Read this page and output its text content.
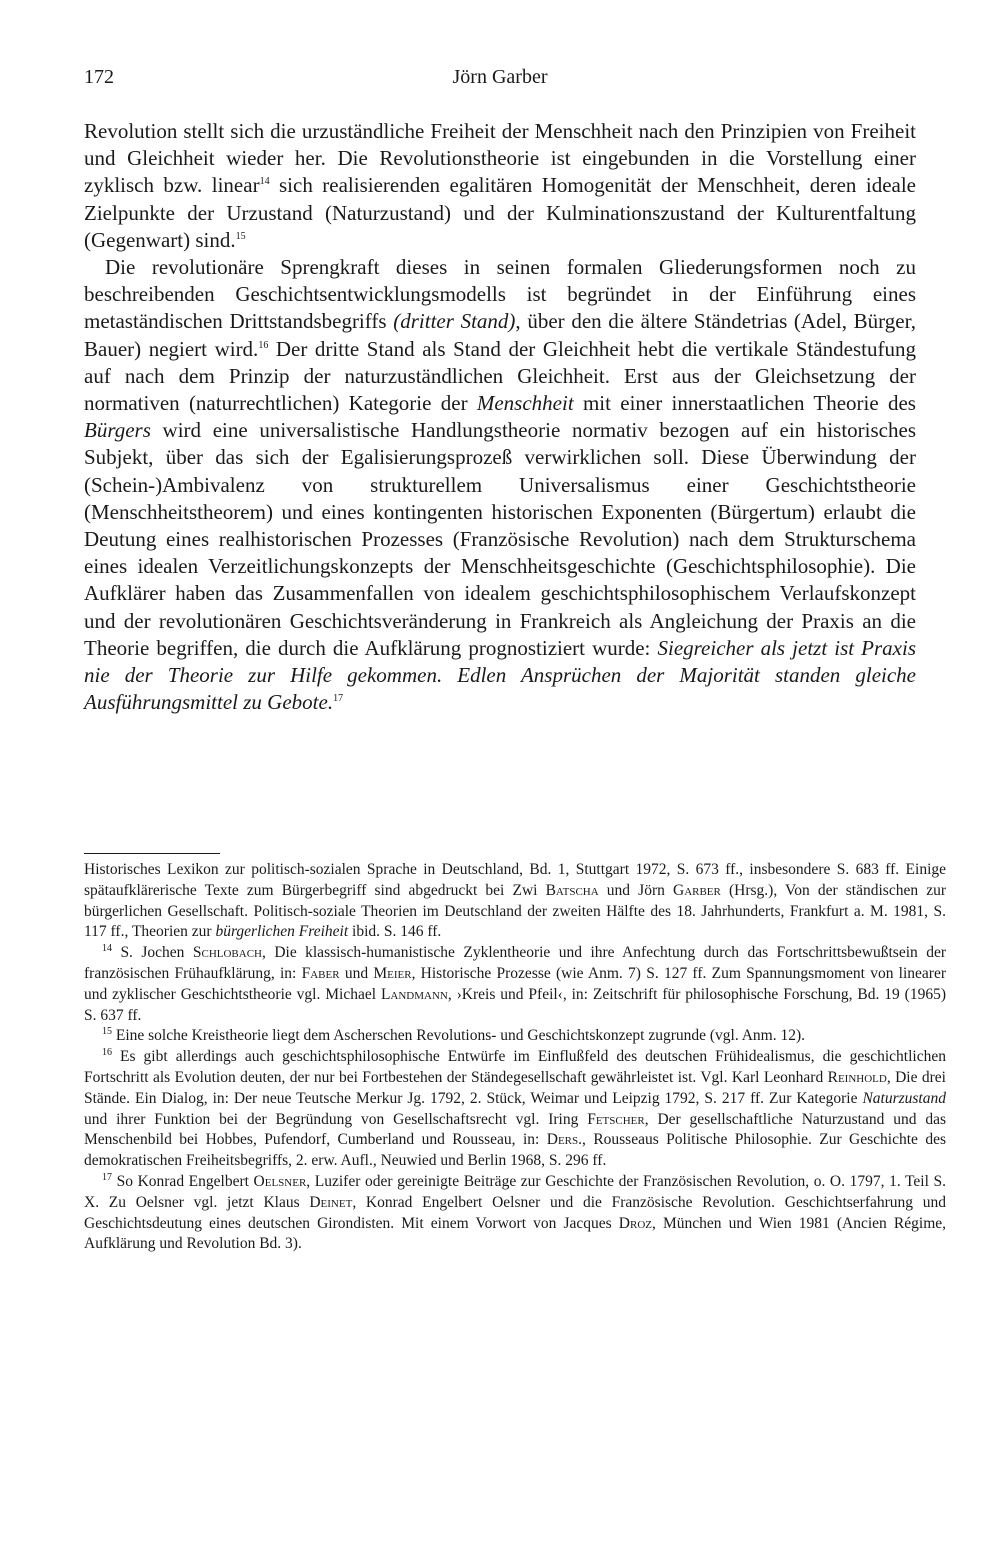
172	Jörn Garber

Revolution stellt sich die urzuständliche Freiheit der Menschheit nach den Prinzipien von Freiheit und Gleichheit wieder her. Die Revolutionstheorie ist eingebunden in die Vorstellung einer zyklisch bzw. linear$^{14}$ sich realisierenden egalitären Homogenität der Menschheit, deren ideale Zielpunkte der Urzustand (Naturzustand) und der Kulminationszustand der Kulturentfaltung (Gegenwart) sind.$^{15}$

Die revolutionäre Sprengkraft dieses in seinen formalen Gliederungsformen noch zu beschreibenden Geschichtsentwicklungsmodells ist begründet in der Einführung eines metaständischen Drittstandsbegriffs (dritter Stand), über den die ältere Ständetrias (Adel, Bürger, Bauer) negiert wird.$^{16}$ Der dritte Stand als Stand der Gleichheit hebt die vertikale Ständestufung auf nach dem Prinzip der naturzuständlichen Gleichheit. Erst aus der Gleichsetzung der normativen (naturrechtlichen) Kategorie der Menschheit mit einer innerstaatlichen Theorie des Bürgers wird eine universalistische Handlungstheorie normativ bezogen auf ein historisches Subjekt, über das sich der Egalisierungsprozeß verwirklichen soll. Diese Überwindung der (Schein-)Ambivalenz von strukturellem Universalismus einer Geschichtstheorie (Menschheitstheorem) und eines kontingenten historischen Exponenten (Bürgertum) erlaubt die Deutung eines realhistorischen Prozesses (Französische Revolution) nach dem Strukturschema eines idealen Verzeitlichungskonzepts der Menschheitsgeschichte (Geschichtsphilosophie). Die Aufklärer haben das Zusammenfallen von idealem geschichtsphilosophischem Verlaufskonzept und der revolutionären Geschichtsveränderung in Frankreich als Angleichung der Praxis an die Theorie begriffen, die durch die Aufklärung prognostiziert wurde: Siegreicher als jetzt ist Praxis nie der Theorie zur Hilfe gekommen. Edlen Ansprüchen der Majorität standen gleiche Ausführungsmittel zu Gebote.$^{17}$

Historisches Lexikon zur politisch-sozialen Sprache in Deutschland, Bd. 1, Stuttgart 1972, S. 673 ff., insbesondere S. 683 ff. Einige spätaufklärerische Texte zum Bürgerbegriff sind abgedruckt bei Zwi Batscha und Jörn Garber (Hrsg.), Von der ständischen zur bürgerlichen Gesellschaft. Politisch-soziale Theorien im Deutschland der zweiten Hälfte des 18. Jahrhunderts, Frankfurt a. M. 1981, S. 117 ff., Theorien zur bürgerlichen Freiheit ibid. S. 146 ff.

$^{14}$ S. Jochen Schlobach, Die klassisch-humanistische Zyklentheorie und ihre Anfechtung durch das Fortschrittsbewußtsein der französischen Frühaufklärung, in: Faber und Meier, Historische Prozesse (wie Anm. 7) S. 127 ff. Zum Spannungsmoment von linearer und zyklischer Geschichtstheorie vgl. Michael Landmann, ›Kreis und Pfeil‹, in: Zeitschrift für philosophische Forschung, Bd. 19 (1965) S. 637 ff.

$^{15}$ Eine solche Kreistheorie liegt dem Ascherschen Revolutions- und Geschichtskonzept zugrunde (vgl. Anm. 12).

$^{16}$ Es gibt allerdings auch geschichtsphilosophische Entwürfe im Einflußfeld des deutschen Frühidealismus, die geschichtlichen Fortschritt als Evolution deuten, der nur bei Fortbestehen der Ständegesellschaft gewährleistet ist. Vgl. Karl Leonhard Reinhold, Die drei Stände. Ein Dialog, in: Der neue Teutsche Merkur Jg. 1792, 2. Stück, Weimar und Leipzig 1792, S. 217 ff. Zur Kategorie Naturzustand und ihrer Funktion bei der Begründung von Gesellschaftsrecht vgl. Iring Fetscher, Der gesellschaftliche Naturzustand und das Menschenbild bei Hobbes, Pufendorf, Cumberland und Rousseau, in: Ders., Rousseaus Politische Philosophie. Zur Geschichte des demokratischen Freiheitsbegriffs, 2. erw. Aufl., Neuwied und Berlin 1968, S. 296 ff.

$^{17}$ So Konrad Engelbert Oelsner, Luzifer oder gereinigte Beiträge zur Geschichte der Französischen Revolution, o. O. 1797, 1. Teil S. X. Zu Oelsner vgl. jetzt Klaus Deinet, Konrad Engelbert Oelsner und die Französische Revolution. Geschichtserfahrung und Geschichtsdeutung eines deutschen Girondisten. Mit einem Vorwort von Jacques Droz, München und Wien 1981 (Ancien Régime, Aufklärung und Revolution Bd. 3).
